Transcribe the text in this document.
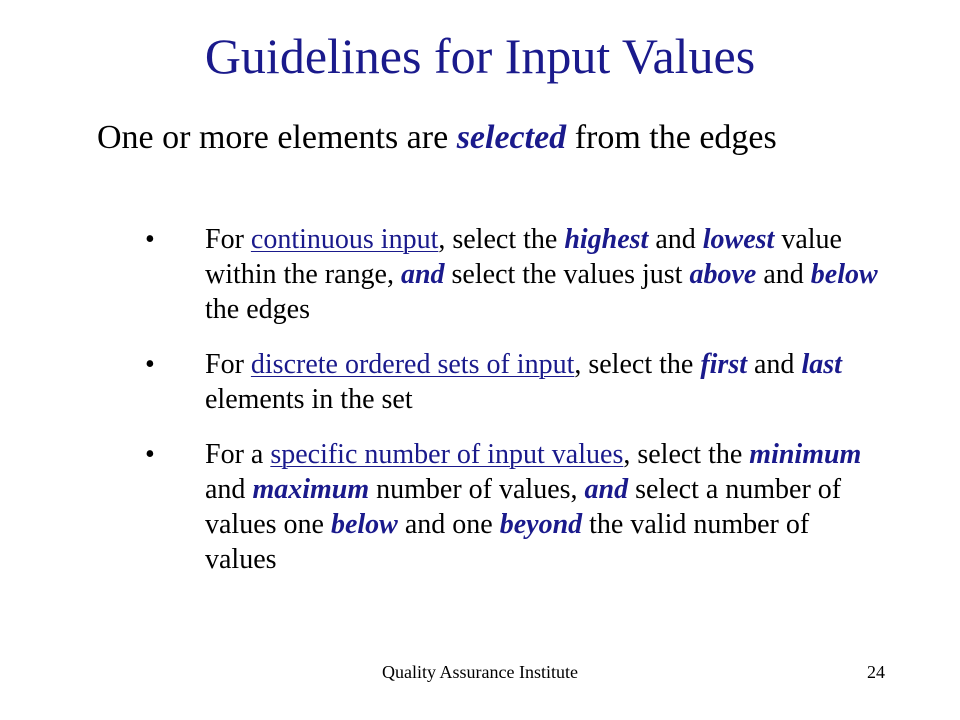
Guidelines for Input Values
One or more elements are selected from the edges
• For continuous input, select the highest and lowest value within the range, and select the values just above and below the edges
• For discrete ordered sets of input, select the first and last elements in the set
• For a specific number of input values, select the minimum and maximum number of values, and select a number of values one below and one beyond the valid number of values
Quality Assurance Institute	24
